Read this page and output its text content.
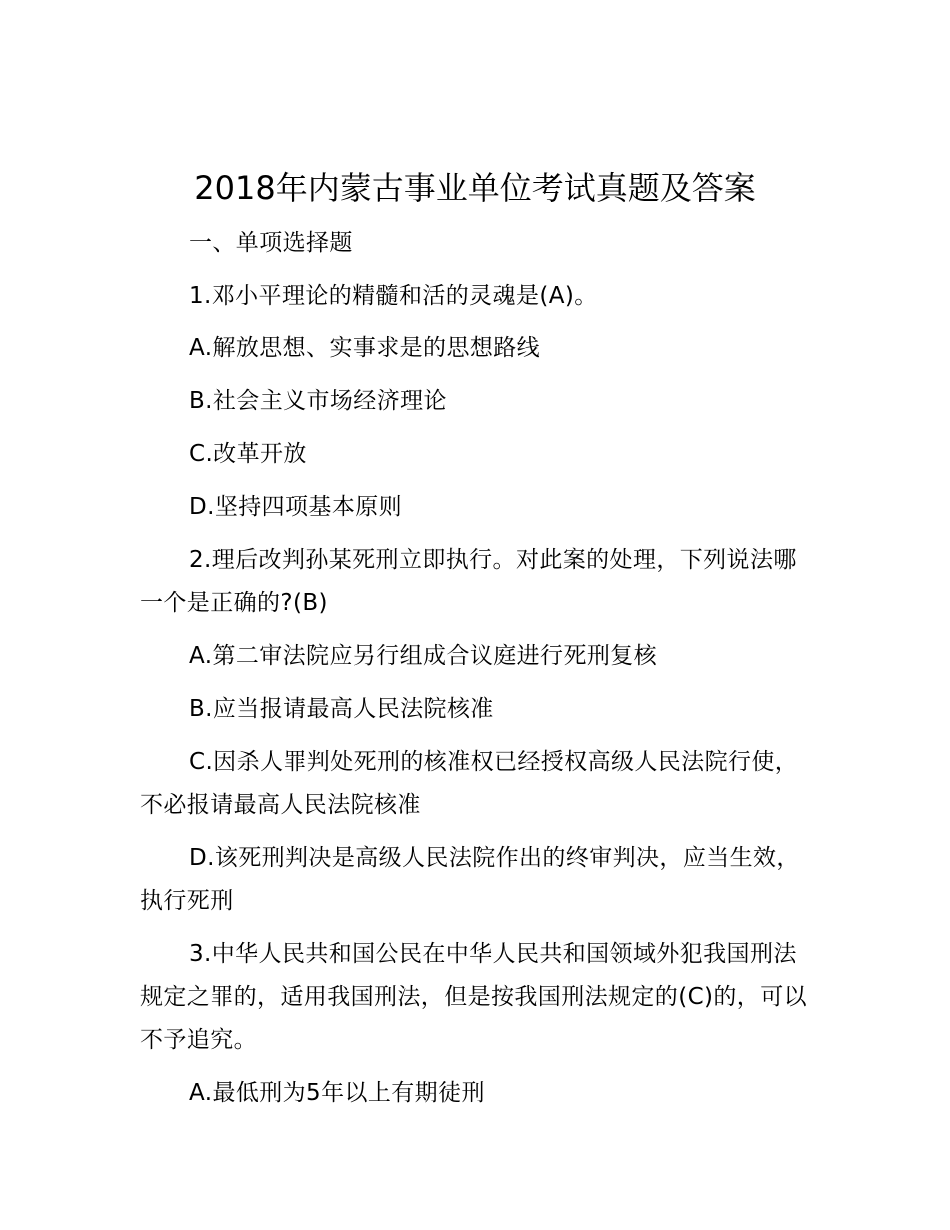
2018年内蒙古事业单位考试真题及答案

一、单项选择题

1.邓小平理论的精髓和活的灵魂是(A)。

A.解放思想、实事求是的思想路线

B.社会主义市场经济理论

C.改革开放

D.坚持四项基本原则

2.理后改判孙某死刑立即执行。对此案的处理，下列说法哪一个是正确的?(B)

A.第二审法院应另行组成合议庭进行死刑复核

B.应当报请最高人民法院核准

C.因杀人罪判处死刑的核准权已经授权高级人民法院行使，不必报请最高人民法院核准

D.该死刑判决是高级人民法院作出的终审判决，应当生效，执行死刑

3.中华人民共和国公民在中华人民共和国领域外犯我国刑法规定之罪的，适用我国刑法，但是按我国刑法规定的(C)的，可以不予追究。

A.最低刑为5年以上有期徒刑
